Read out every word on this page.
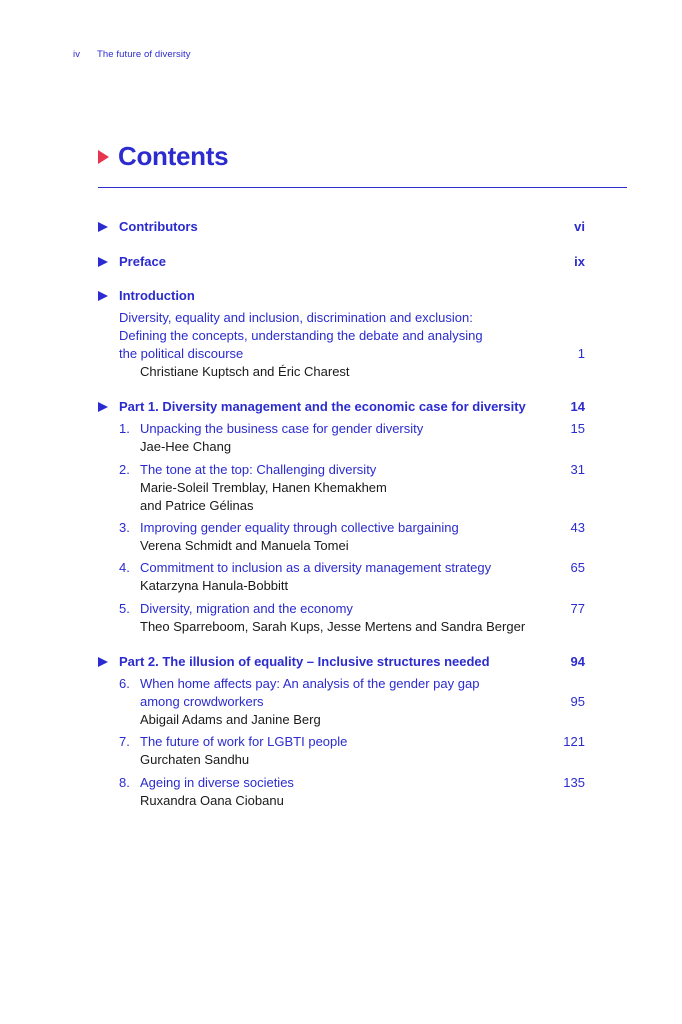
iv The future of diversity
Contents
Contributors	vi
Preface	ix
Introduction
Diversity, equality and inclusion, discrimination and exclusion:
Defining the concepts, understanding the debate and analysing
the political discourse	1
Christiane Kuptsch and Éric Charest
Part 1. Diversity management and the economic case for diversity	14
1. Unpacking the business case for gender diversity	15
Jae-Hee Chang
2. The tone at the top: Challenging diversity	31
Marie-Soleil Tremblay, Hanen Khemakhem
and Patrice Gélinas
3. Improving gender equality through collective bargaining	43
Verena Schmidt and Manuela Tomei
4. Commitment to inclusion as a diversity management strategy	65
Katarzyna Hanula-Bobbitt
5. Diversity, migration and the economy	77
Theo Sparreboom, Sarah Kups, Jesse Mertens and Sandra Berger
Part 2. The illusion of equality – Inclusive structures needed	94
6. When home affects pay: An analysis of the gender pay gap
among crowdworkers	95
Abigail Adams and Janine Berg
7. The future of work for LGBTI people	121
Gurchaten Sandhu
8. Ageing in diverse societies	135
Ruxandra Oana Ciobanu
